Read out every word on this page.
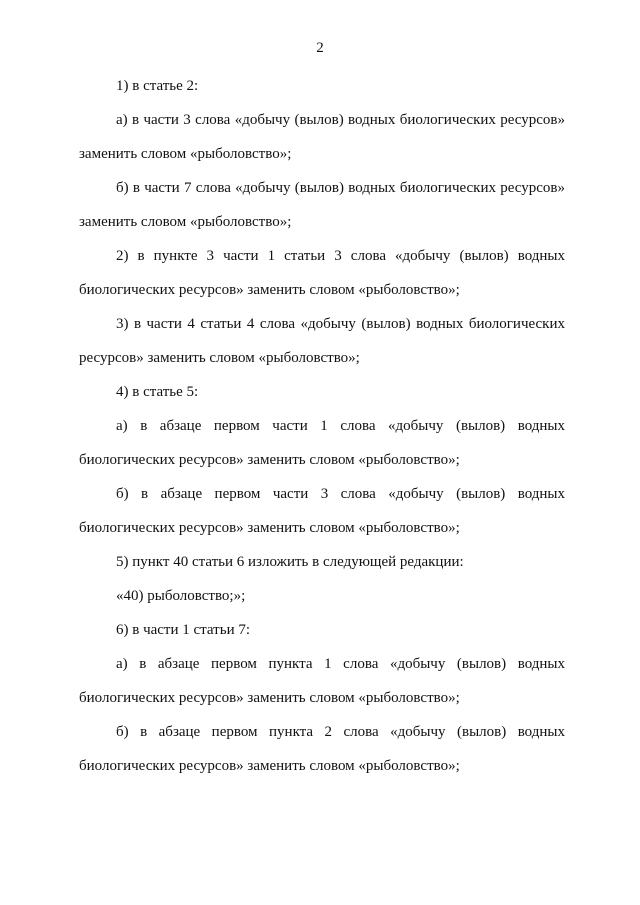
2

1) в статье 2:

а) в части 3 слова «добычу (вылов) водных биологических ресурсов» заменить словом «рыболовство»;

б) в части 7 слова «добычу (вылов) водных биологических ресурсов» заменить словом «рыболовство»;

2) в пункте 3 части 1 статьи 3 слова «добычу (вылов) водных биологических ресурсов» заменить словом «рыболовство»;

3) в части 4 статьи 4 слова «добычу (вылов) водных биологических ресурсов» заменить словом «рыболовство»;

4) в статье 5:

а) в абзаце первом части 1 слова «добычу (вылов) водных биологических ресурсов» заменить словом «рыболовство»;

б) в абзаце первом части 3 слова «добычу (вылов) водных биологических ресурсов» заменить словом «рыболовство»;

5) пункт 40 статьи 6 изложить в следующей редакции:

«40) рыболовство;»;

6) в части 1 статьи 7:

а) в абзаце первом пункта 1 слова «добычу (вылов) водных биологических ресурсов» заменить словом «рыболовство»;

б) в абзаце первом пункта 2 слова «добычу (вылов) водных биологических ресурсов» заменить словом «рыболовство»;
